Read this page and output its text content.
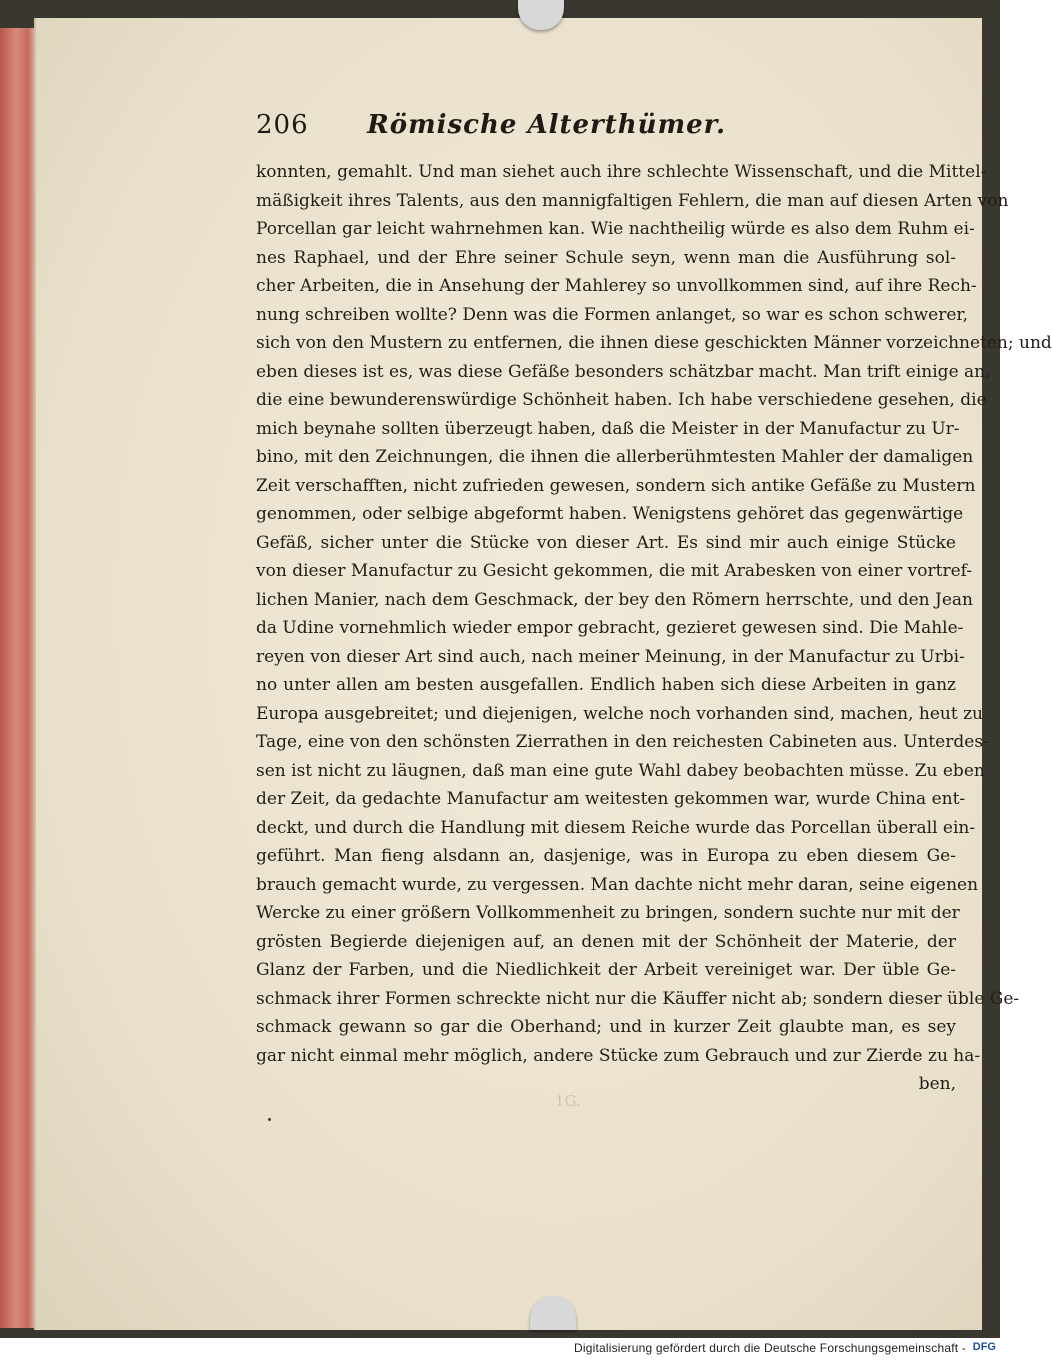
206 Römische Alterthümer.
konnten, gemahlt. Und man siehet auch ihre schlechte Wissenschaft, und die Mittel-
mäßigkeit ihres Talents, aus den mannigfaltigen Fehlern, die man auf diesen Arten von
Porcellan gar leicht wahrnehmen kan. Wie nachtheilig würde es also dem Ruhm ei-
nes Raphael, und der Ehre seiner Schule seyn, wenn man die Ausführung sol-
cher Arbeiten, die in Ansehung der Mahlerey so unvollkommen sind, auf ihre Rech-
nung schreiben wollte? Denn was die Formen anlanget, so war es schon schwerer,
sich von den Mustern zu entfernen, die ihnen diese geschickten Männer vorzeichneten; und
eben dieses ist es, was diese Gefäße besonders schätzbar macht. Man trift einige an,
die eine bewunderenswürdige Schönheit haben. Ich habe verschiedene gesehen, die
mich beynahe sollten überzeugt haben, daß die Meister in der Manufactur zu Ur-
bino, mit den Zeichnungen, die ihnen die allerberühmtesten Mahler der damaligen
Zeit verschafften, nicht zufrieden gewesen, sondern sich antike Gefäße zu Mustern
genommen, oder selbige abgeformt haben. Wenigstens gehöret das gegenwärtige
Gefäß, sicher unter die Stücke von dieser Art. Es sind mir auch einige Stücke
von dieser Manufactur zu Gesicht gekommen, die mit Arabesken von einer vortref-
lichen Manier, nach dem Geschmack, der bey den Römern herrschte, und den Jean
da Udine vornehmlich wieder empor gebracht, gezieret gewesen sind. Die Mahle-
reyen von dieser Art sind auch, nach meiner Meinung, in der Manufactur zu Urbi-
no unter allen am besten ausgefallen. Endlich haben sich diese Arbeiten in ganz
Europa ausgebreitet; und diejenigen, welche noch vorhanden sind, machen, heut zu
Tage, eine von den schönsten Zierrathen in den reichesten Cabineten aus. Unterdes-
sen ist nicht zu läugnen, daß man eine gute Wahl dabey beobachten müsse. Zu eben
der Zeit, da gedachte Manufactur am weitesten gekommen war, wurde China ent-
deckt, und durch die Handlung mit diesem Reiche wurde das Porcellan überall ein-
geführt. Man fieng alsdann an, dasjenige, was in Europa zu eben diesem Ge-
brauch gemacht wurde, zu vergessen. Man dachte nicht mehr daran, seine eigenen
Wercke zu einer größern Vollkommenheit zu bringen, sondern suchte nur mit der
grösten Begierde diejenigen auf, an denen mit der Schönheit der Materie, der
Glanz der Farben, und die Niedlichkeit der Arbeit vereiniget war. Der üble Ge-
schmack ihrer Formen schreckte nicht nur die Käuffer nicht ab; sondern dieser üble Ge-
schmack gewann so gar die Oberhand; und in kurzer Zeit glaubte man, es sey
gar nicht einmal mehr möglich, andere Stücke zum Gebrauch und zur Zierde zu ha-
ben,
1G.
Digitalisierung gefördert durch die Deutsche Forschungsgemeinschaft - DFG
